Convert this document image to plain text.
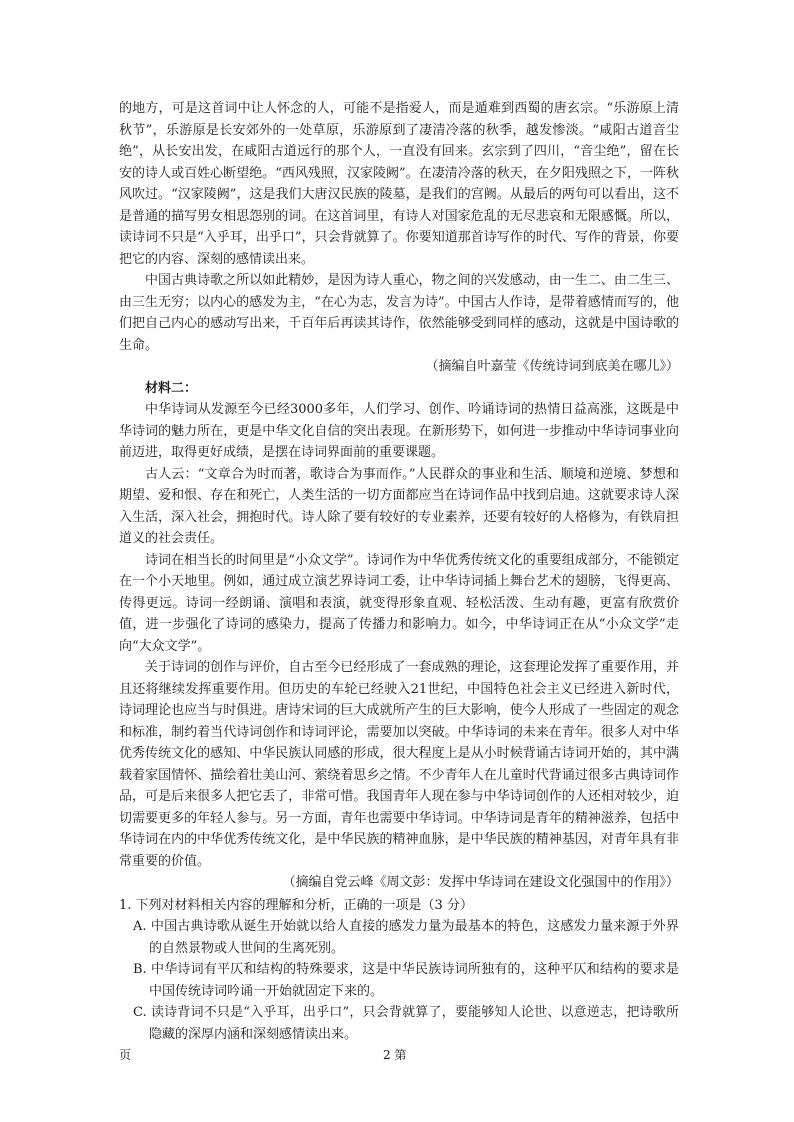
的地方，可是这首词中让人怀念的人，可能不是指爱人，而是遁难到西蜀的唐玄宗。“乐游原上清秋节”，乐游原是长安郊外的一处草原，乐游原到了凄清冷落的秋季，越发惨淡。“咸阳古道音尘绝”，从长安出发，在咸阳古道远行的那个人，一直没有回来。玄宗到了四川，“音尘绝”，留在长安的诗人或百姓心断望绝。“西风残照，汉家陵阙”。在凄清冷落的秋天，在夕阳残照之下，一阵秋风吹过。“汉家陵阙”，这是我们大唐汉民族的陵墓，是我们的宫阙。从最后的两句可以看出，这不是普通的描写男女相思怨别的词。在这首词里，有诗人对国家危乱的无尽悲哀和无限感慨。所以，读诗词不只是“入乎耳，出乎口”，只会背就算了。你要知道那首诗写作的时代、写作的背景，你要把它的内容、深刻的感情读出来。

中国古典诗歌之所以如此精妙，是因为诗人重心，物之间的兴发感动，由一生二、由二生三、由三生无穷；以内心的感发为主，“在心为志，发言为诗”。中国古人作诗，是带着感情而写的，他们把自己内心的感动写出来，千百年后再读其诗作，依然能够受到同样的感动，这就是中国诗歌的生命。

（摘编自叶嘉莹《传统诗词到底美在哪儿》）

材料二：

中华诗词从发源至今已经3000多年，人们学习、创作、吟诵诗词的热情日益高涨，这既是中华诗词的魅力所在，更是中华文化自信的突出表现。在新形势下，如何进一步推动中华诗词事业向前迈进，取得更好成绩，是摆在诗词界面前的重要课题。

古人云：“文章合为时而著，歌诗合为事而作。”人民群众的事业和生活、顺境和逆境、梦想和期望、爱和恨、存在和死亡，人类生活的一切方面都应当在诗词作品中找到启迪。这就要求诗人深入生活，深入社会，拥抱时代。诗人除了要有较好的专业素养，还要有较好的人格修为，有铁肩担道义的社会责任。

诗词在相当长的时间里是“小众文学”。诗词作为中华优秀传统文化的重要组成部分，不能锁定在一个小天地里。例如，通过成立演艺界诗词工委，让中华诗词插上舞台艺术的翅膀，飞得更高、传得更远。诗词一经朗诵、演唱和表演，就变得形象直观、轻松活泼、生动有趣，更富有欣赏价值，进一步强化了诗词的感染力，提高了传播力和影响力。如今，中华诗词正在从“小众文学”走向“大众文学”。

关于诗词的创作与评价，自古至今已经形成了一套成熟的理论，这套理论发挥了重要作用，并且还将继续发挥重要作用。但历史的车轮已经驶入21世纪，中国特色社会主义已经进入新时代，诗词理论也应当与时俱进。唐诗宋词的巨大成就所产生的巨大影响，使今人形成了一些固定的观念和标准，制约着当代诗词创作和诗词评论，需要加以突破。中华诗词的未来在青年。很多人对中华优秀传统文化的感知、中华民族认同感的形成，很大程度上是从小时候背诵古诗词开始的，其中满载着家国情怀、描绘着壮美山河、萦绕着思乡之情。不少青年人在儿童时代背诵过很多古典诗词作品，可是后来很多人把它丢了，非常可惜。我国青年人现在参与中华诗词创作的人还相对较少，迫切需要更多的年轻人参与。另一方面，青年也需要中华诗词。中华诗词是青年的精神滋养，包括中华诗词在内的中华优秀传统文化，是中华民族的精神血脉，是中华民族的精神基因，对青年具有非常重要的价值。

（摘编自党云峰《周文彭：发挥中华诗词在建设文化强国中的作用》）

1. 下列对材料相关内容的理解和分析，正确的一项是（3 分）

A. 中国古典诗歌从诞生开始就以给人直接的感发力量为最基本的特色，这感发力量来源于外界的自然景物或人世间的生离死别。

B. 中华诗词有平仄和结构的特殊要求，这是中华民族诗词所独有的，这种平仄和结构的要求是中国传统诗词吟诵一开始就固定下来的。

C. 读诗背词不只是“入乎耳，出乎口”，只会背就算了，要能够知人论世、以意逆志，把诗歌所隐藏的深厚内涵和深刻感情读出来。

页	2 第
